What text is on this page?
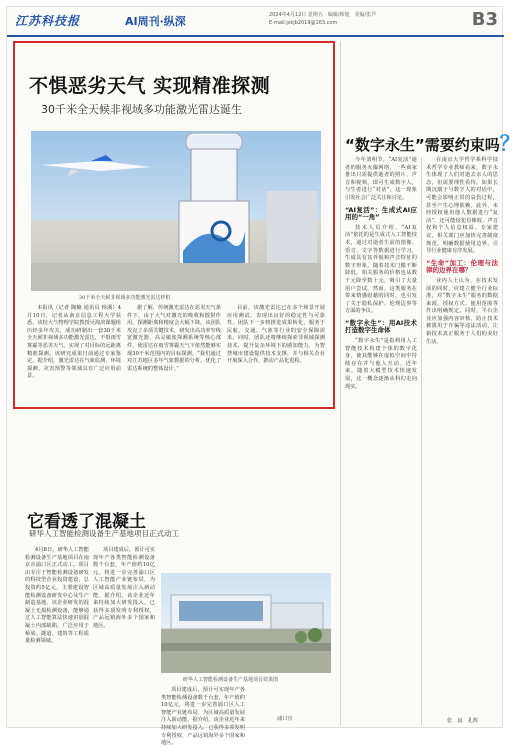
江苏科技报	AI周刊·纵深	2024年4月12日 星期五　编辑/韩旭　美编/张芦
E-mail:jskjb2019@163.com	B3
不惧恶劣天气 实现精准探测
30千米全天候非视域多功能激光雷达诞生
30千米全天候非视域多功能激光雷达样机

本报讯（记者 陶楠 通讯员 杨溪）4月10日，记者从南京信息工程大学获悉，该校大气物理学院教授吴海滨课题组历经多年攻关，成功研制出一套30千米全天候非视域多功能激光雷达，不惧雨雪雾霾等恶劣天气，实现了对目标的远距离精准探测。该研究成果日前通过专家鉴定。据介绍，激光雷达在气象监测、环境探测、灾害预警等领域具有广泛应用前景。

据了解，传统激光雷达在恶劣天气条件下，由于大气对激光的吸收和散射作用，探测距离和精度会大幅下降。该团队攻克了多项关键技术，研发出高功率窄线宽激光器、高灵敏度探测系统等核心部件，使雷达在雨雪雾霾天气下依然能够实现30千米范围内的目标探测。“我们通过对江苏地区多年气象数据的分析，优化了雷达系统的整体设计。”

目前，该激光雷达已在多个场景开展应用测试，表现出良好的稳定性与可靠性。团队下一步将推进成果转化，服务于民航、交通、气象等行业的安全保障需求。同时，团队还将继续探索非视域探测技术，提升复杂环境下的感知能力，为智慧城市建设提供技术支撑，并与相关企业开展深入合作，推动产品化进程。

“数字永生”需要约束吗？

今年清明节，“AI复活”逝者的服务火爆网络，一些商家推出只需提供逝者的照片、声音和视频，即可生成数字人，与生者进行“对话”。这一现象引发社会广泛关注和讨论。

“AI复活”：生成式AI应用的“一角”

技术人员介绍，“AI复活”依托的是生成式人工智能技术，通过对逝者生前的图像、语音、文字等数据进行学习，生成具有其外貌和声音特征的数字形象。随着技术门槛不断降低，相关服务的价格也从数千元降至数十元，吸引了大量用户尝试。然而，这类服务在带来情感慰藉的同时，也引发了关于隐私保护、伦理边界等方面的争议。

“数字永生”：用AI技术打造数字生命体

“数字永生”是指利用人工智能技术构建个体的数字化身，使其能够在虚拟空间中持续存在并与他人互动。近年来，随着大模型技术快速发展，这一概念逐渐从科幻走向现实。

在南京大学哲学系科学技术哲学专业教师看来，数字永生体现了人们对逝去亲人的思念，但需要理性看待。如果长期沉溺于与数字人的对话中，可能会影响正常的哀伤过程，甚至产生心理依赖。此外，未经授权使用他人数据进行“复活”，还可能侵犯肖像权、声音权和个人信息权益。专家建议，相关部门应加快完善制度规范，明确数据使用边界，引导行业健康有序发展。

“生命”加工：伦理与法律的边界在哪？

业内人士认为，在技术发展的同时，应建立健全行业标准，对“数字永生”服务的数据来源、授权方式、使用范围等作出明确规定。同时，平台企业应加强内容审核，防止技术被滥用于诈骗等违法活动，让新技术真正服务于人们的美好生活。

张　晨　孔辉
它看透了混凝土
研华人工智能检测设备生产基地项目正式动工

4月8日，研华人工智能检测设备生产基地项目在南京市浦口区正式动工。项目由专注于智能检测设备研发的科技型企业投资建设，总投资约5亿元，主要建设智能检测设备研发中心及生产制造基地。该企业研发的混凝土无损检测设备，能够通过人工智能算法快速识别混凝土内部缺陷，广泛应用于桥梁、隧道、建筑等工程质量检测领域。

项目建成后，预计可实现年产各类智能检测设备数千台套，年产值约10亿元，将进一步完善浦口区人工智能产业链布局，为区域高质量发展注入新动能。据介绍，该企业近年来持续加大研发投入，已获得多项发明专利授权，产品远销海外多个国家和地区。

研华人工智能检测设备生产基地项目效果图

项目建成后，预计可实现年产各类智能检测设备数千台套，年产值约10亿元，将进一步完善浦口区人工智能产业链布局，为区域高质量发展注入新动能。据介绍，该企业近年来持续加大研发投入，已获得多项发明专利授权，产品远销海外多个国家和地区。

浦口宣
